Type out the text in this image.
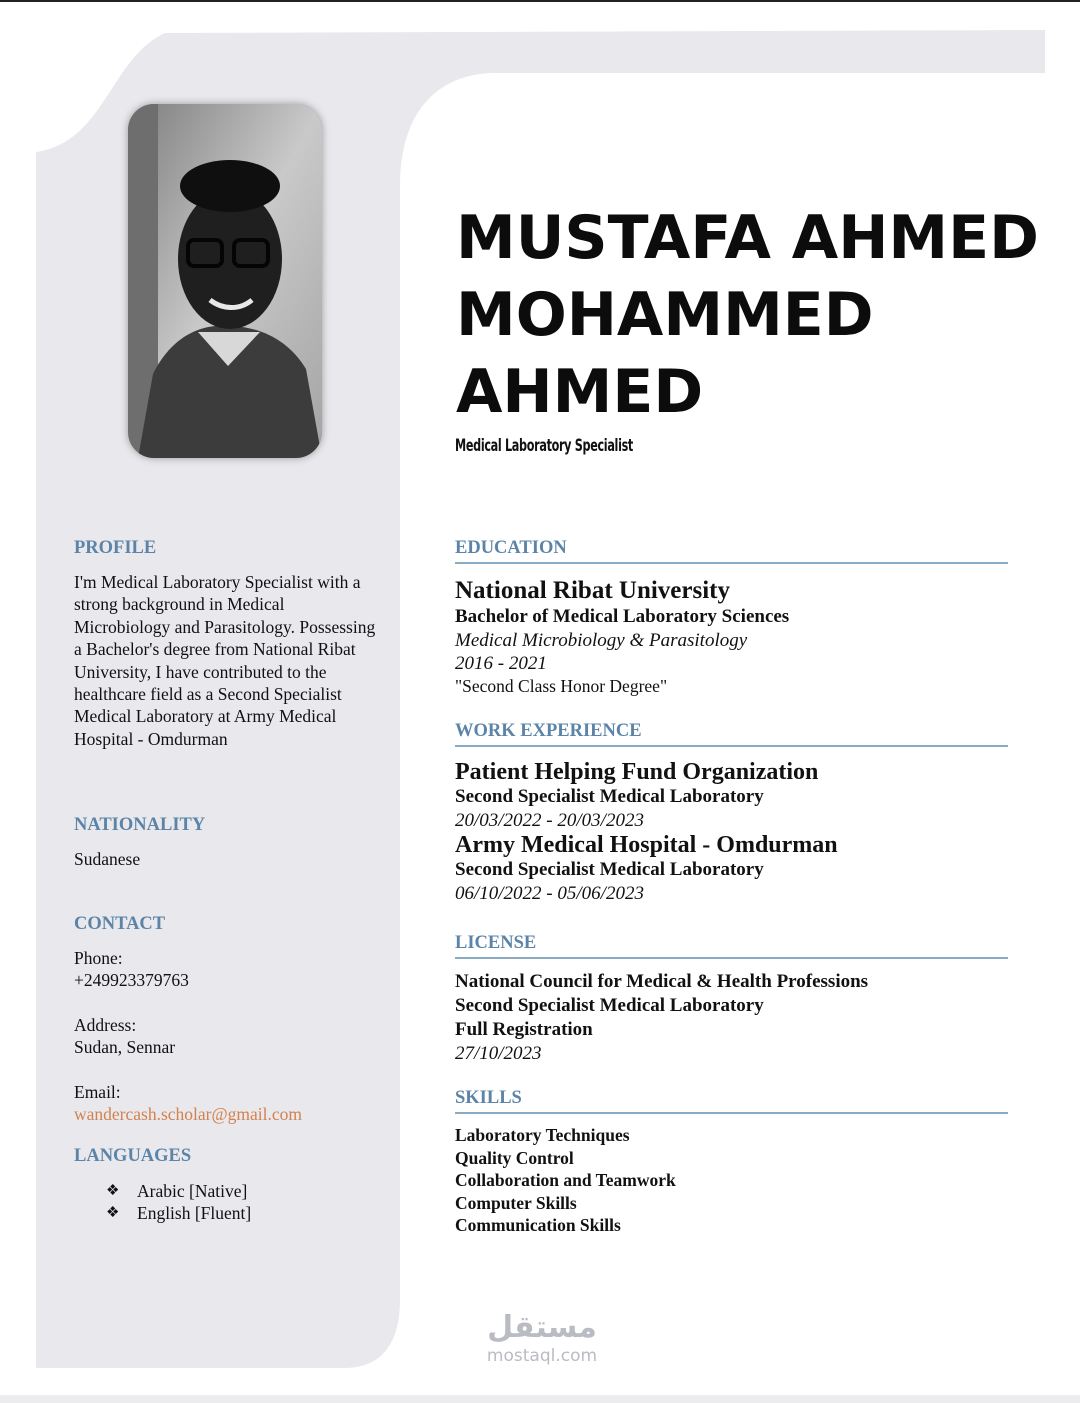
MUSTAFA AHMED
MOHAMMED
AHMED
Medical Laboratory Specialist
PROFILE
I'm Medical Laboratory Specialist with a strong background in Medical Microbiology and Parasitology. Possessing a Bachelor's degree from National Ribat University, I have contributed to the healthcare field as a Second Specialist Medical Laboratory at Army Medical Hospital - Omdurman
NATIONALITY
Sudanese
CONTACT
Phone:
+249923379763
Address:
Sudan, Sennar
Email:
wandercash.scholar@gmail.com
LANGUAGES
❖	Arabic [Native]
❖	English [Fluent]
EDUCATION
National Ribat University
Bachelor of Medical Laboratory Sciences
Medical Microbiology & Parasitology
2016 - 2021
"Second Class Honor Degree"
WORK EXPERIENCE
Patient Helping Fund Organization
Second Specialist Medical Laboratory
20/03/2022 - 20/03/2023
Army Medical Hospital - Omdurman
Second Specialist Medical Laboratory
06/10/2022 - 05/06/2023
LICENSE
National Council for Medical & Health Professions
Second Specialist Medical Laboratory
Full Registration
27/10/2023
SKILLS
Laboratory Techniques
Quality Control
Collaboration and Teamwork
Computer Skills
Communication Skills
مستقل
mostaql.com
